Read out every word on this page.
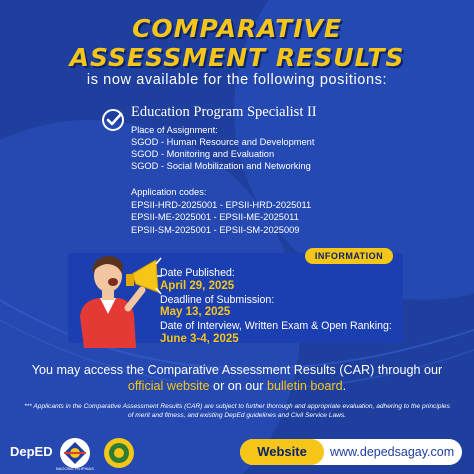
COMPARATIVE
ASSESSMENT RESULTS
is now available for the following positions:
Education Program Specialist II
Place of Assignment:
SGOD - Human Resource and Development
SGOD - Monitoring and Evaluation
SGOD - Social Mobilization and Networking
Application codes:
EPSII-HRD-2025001 - EPSII-HRD-2025011
EPSII-ME-2025001 - EPSII-ME-2025011
EPSII-SM-2025001 - EPSII-SM-2025009
INFORMATION
Date Published:
April 29, 2025
Deadline of Submission:
May 13, 2025
Date of Interview, Written Exam & Open Ranking:
June 3-4, 2025
You may access the Comparative Assessment Results (CAR) through our official website or on our bulletin board.
*** Applicants in the Comparative Assessment Results (CAR) are subject to further thorough and appropriate evaluation, adhering to the principles of merit and fitness, and existing DepEd guidelines and Civil Service Laws.
DepED
BAGONG PILIPINAS
Website	www.depedsagay.com
